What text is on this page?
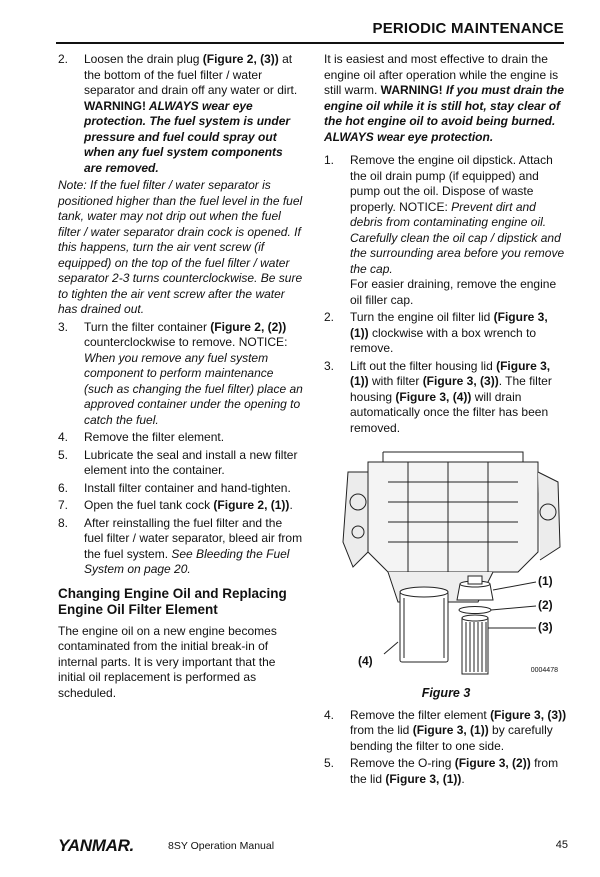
PERIODIC MAINTENANCE
2.	Loosen the drain plug (Figure 2, (3)) at the bottom of the fuel filter / water separator and drain off any water or dirt. WARNING! ALWAYS wear eye protection. The fuel system is under pressure and fuel could spray out when any fuel system components are removed.
Note: If the fuel filter / water separator is positioned higher than the fuel level in the fuel tank, water may not drip out when the fuel filter / water separator drain cock is opened. If this happens, turn the air vent screw (if equipped) on the top of the fuel filter / water separator 2-3 turns counterclockwise. Be sure to tighten the air vent screw after the water has drained out.
3.	Turn the filter container (Figure 2, (2)) counterclockwise to remove. NOTICE: When you remove any fuel system component to perform maintenance (such as changing the fuel filter) place an approved container under the opening to catch the fuel.
4.	Remove the filter element.
5.	Lubricate the seal and install a new filter element into the container.
6.	Install filter container and hand-tighten.
7.	Open the fuel tank cock (Figure 2, (1)).
8.	After reinstalling the fuel filter and the fuel filter / water separator, bleed air from the fuel system. See Bleeding the Fuel System on page 20.
Changing Engine Oil and Replacing Engine Oil Filter Element
The engine oil on a new engine becomes contaminated from the initial break-in of internal parts. It is very important that the initial oil replacement is performed as scheduled.
It is easiest and most effective to drain the engine oil after operation while the engine is still warm. WARNING! If you must drain the engine oil while it is still hot, stay clear of the hot engine oil to avoid being burned. ALWAYS wear eye protection.
1.	Remove the engine oil dipstick. Attach the oil drain pump (if equipped) and pump out the oil. Dispose of waste properly. NOTICE: Prevent dirt and debris from contaminating engine oil. Carefully clean the oil cap / dipstick and the surrounding area before you remove the cap.
For easier draining, remove the engine oil filler cap.
2.	Turn the engine oil filter lid (Figure 3, (1)) clockwise with a box wrench to remove.
3.	Lift out the filter housing lid (Figure 3, (1)) with filter (Figure 3, (3)). The filter housing (Figure 3, (4)) will drain automatically once the filter has been removed.
(1)
(2)
(3)
(4)
0004478
Figure 3
4.	Remove the filter element (Figure 3, (3)) from the lid (Figure 3, (1)) by carefully bending the filter to one side.
5.	Remove the O-ring (Figure 3, (2)) from the lid (Figure 3, (1)).
YANMAR.	8SY Operation Manual	45
